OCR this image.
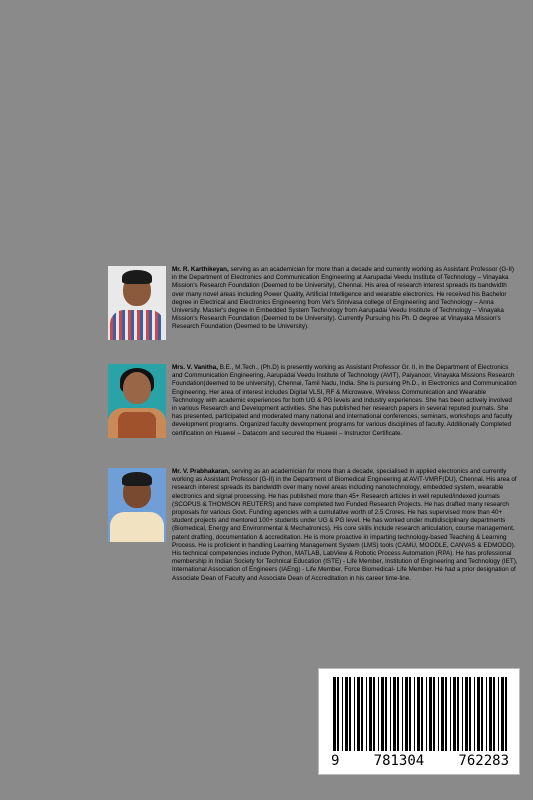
Mr. R. Karthikeyan, serving as an academician for more than a decade and currently working as Assistant Professor (G-II) in the Department of Electronics and Communication Engineering at Aarupadai Veedu Institute of Technology – Vinayaka Mission's Research Foundation (Deemed to be University), Chennai. His area of research interest spreads its bandwidth over many novel areas including Power Quality, Artificial Intelligence and wearable electronics. He received his Bachelor degree in Electrical and Electronics Engineering from Vel's Srinivasa college of Engineering and Technology – Anna University. Master's degree in Embedded System Technology from Aarupadai Veedu Institute of Technology – Vinayaka Mission's Research Foundation (Deemed to be University). Currently Pursuing his Ph. D degree at Vinayaka Mission's Research Foundation (Deemed to be University).

Mrs. V. Vanitha, B.E., M.Tech., (Ph.D) is presently working as Assistant Professor Gr. II, in the Department of Electronics and Communication Engineering, Aarupadai Veedu Institute of Technology (AVIT), Paiyanoor, Vinayaka Missions Research Foundation(deemed to be university), Chennai, Tamil Nadu, India. She is pursuing Ph.D., in Electronics and Communication Engineering. Her area of interest includes Digital VLSI, RF & Microwave, Wireless Communication and Wearable Technology with academic experiences for both UG & PG levels and industry experiences. She has been actively involved in various Research and Development activities. She has published her research papers in several reputed journals. She has presented, participated and moderated many national and international conferences, seminars, workshops and faculty development programs. Organized faculty development programs for various disciplines of faculty. Additionally Completed certification on Huawei – Datacom and secured the Huawei – Instructor Certificate.

Mr. V. Prabhakaran, serving as an academician for more than a decade, specialised in applied electronics and currently working as Assistant Professor (G-II) in the Department of Biomedical Engineering at AVIT-VMRF(DU), Chennai. His area of research interest spreads its bandwidth over many novel areas including nanotechnology, embedded system, wearable electronics and signal processing. He has published more than 45+ Research articles in well reputed/indexed journals (SCOPUS & THOMSON REUTERS) and have completed two Funded Research Projects. He has drafted many research proposals for various Govt. Funding agencies with a cumulative worth of 2.5 Crores. He has supervised more than 40+ student projects and mentored 100+ students under UG & PG level. He has worked under multidisciplinary departments (Biomedical, Energy and Environmental & Mechatronics). His core skills include research articulation, course management, patent drafting, documentation & accreditation. He is more proactive in imparting technology-based Teaching & Learning Process. He is proficient in handling Learning Management System (LMS) tools (CAMU, MOODLE, CANVAS & EDMODO). His technical competencies include Python, MATLAB, LabView & Robotic Process Automation (RPA). He has professional membership in Indian Society for Technical Education (ISTE) - Life Member, Institution of Engineering and Technology (IET), International Association of Engineers (IAEng) - Life Member, Force Biomedical- Life Member. He had a prior designation of Associate Dean of Faculty and Associate Dean of Accreditation in his career time-line.

9 781304 762283
